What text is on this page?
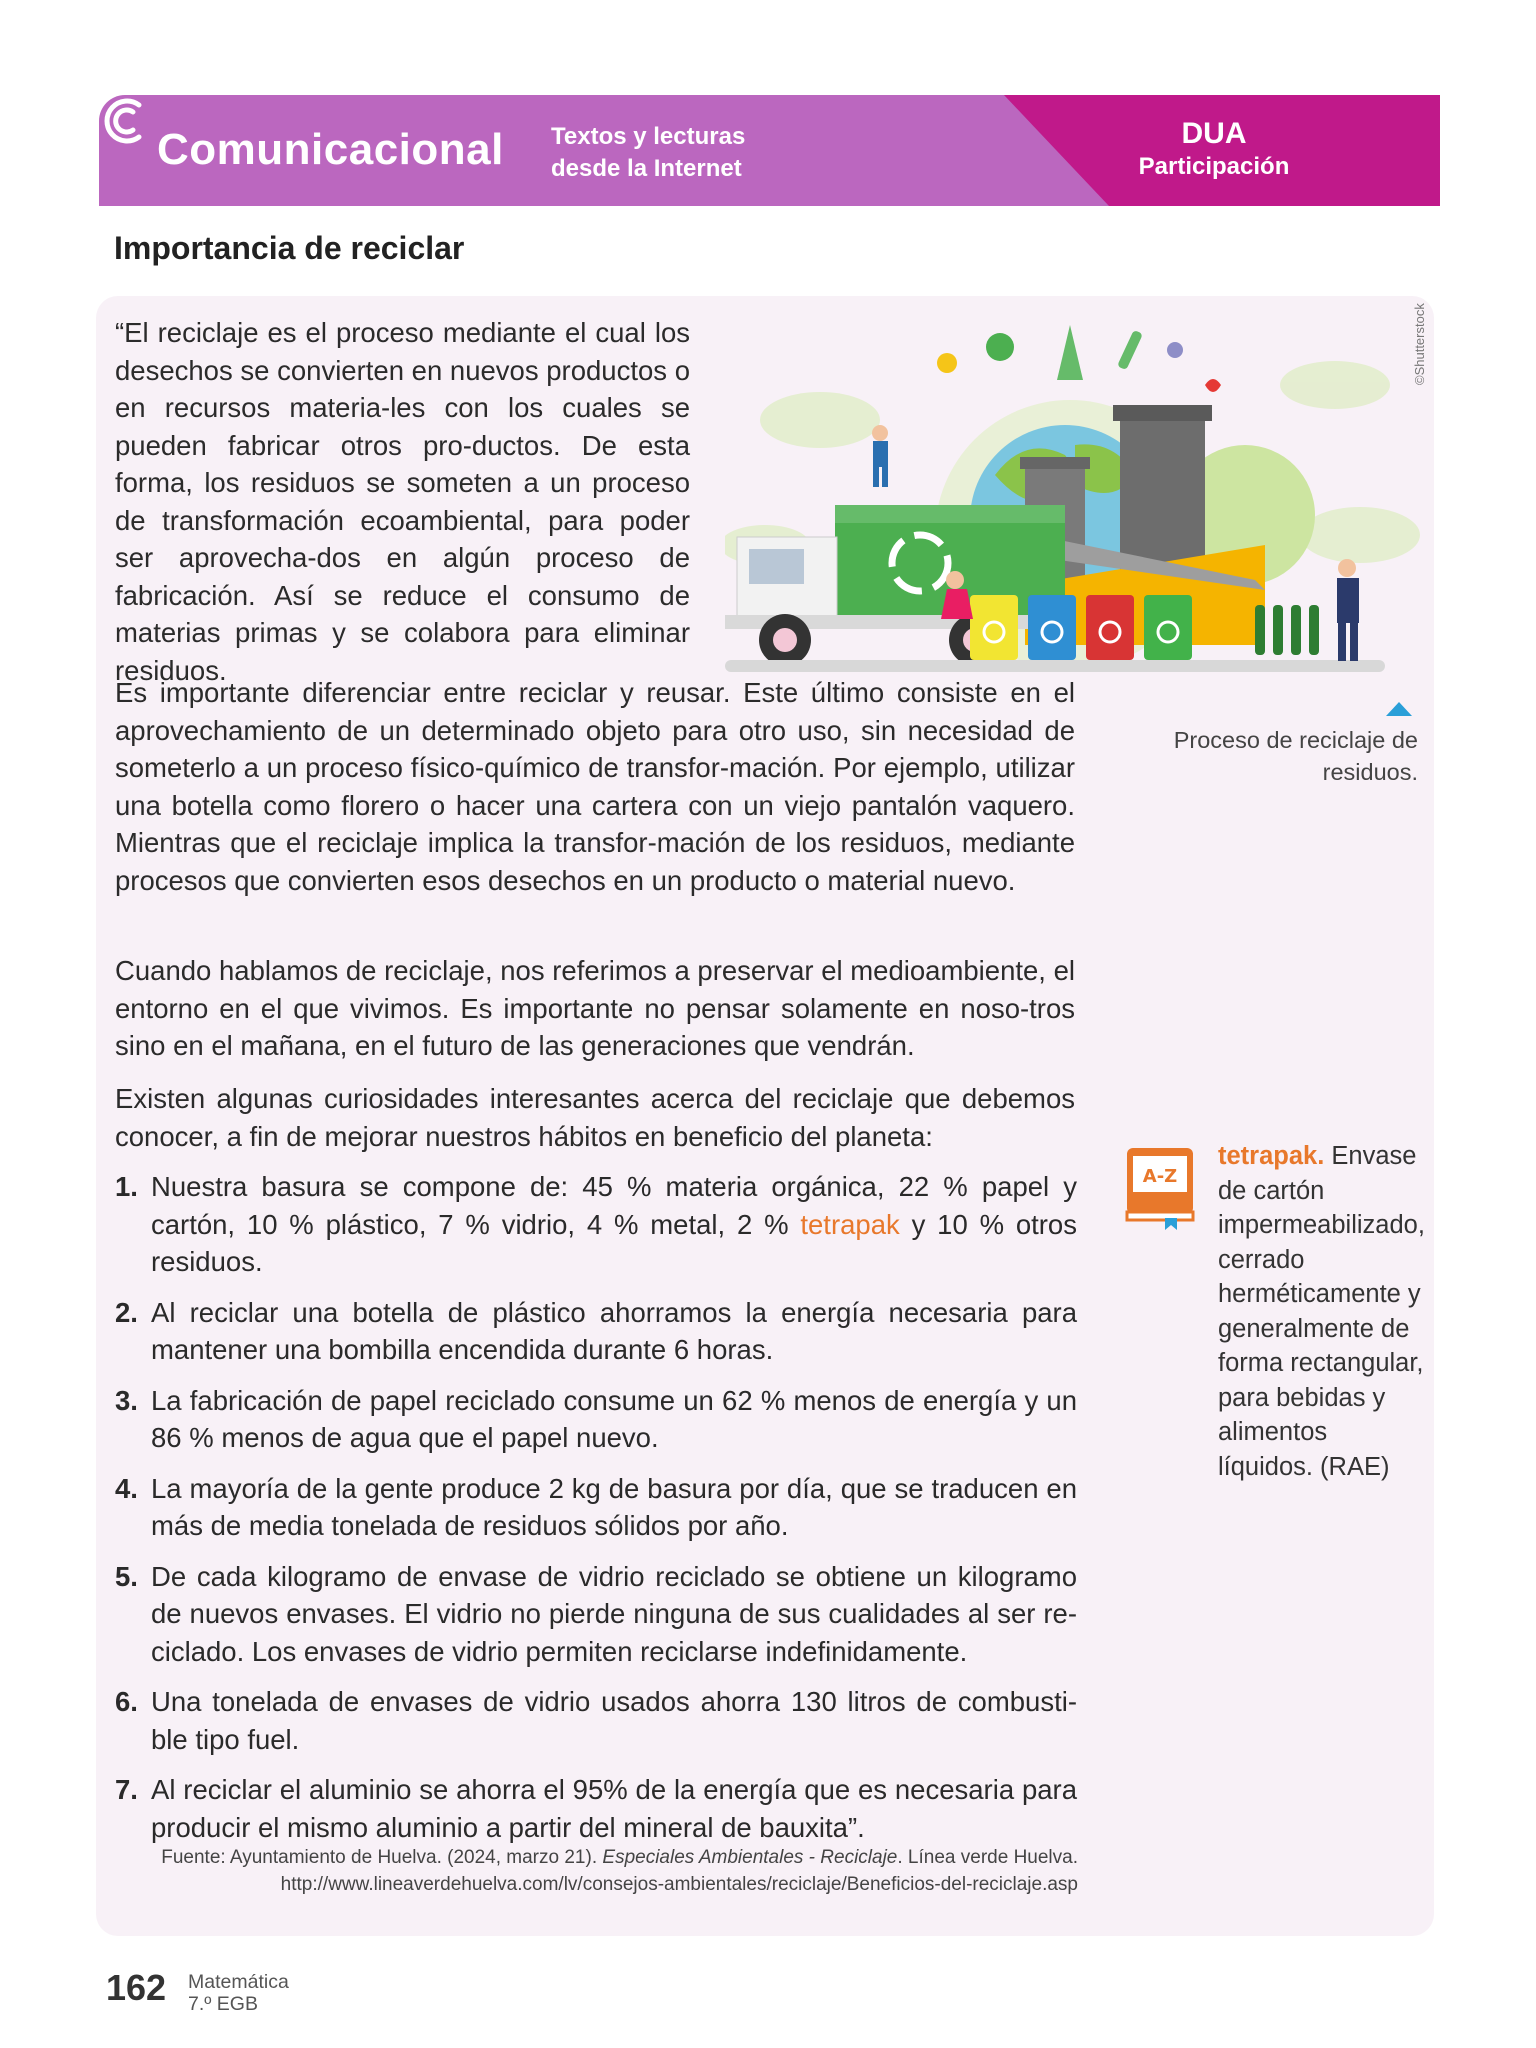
Comunicacional Textos y lecturas
desde la Internet
DUA
Participación
Importancia de reciclar
©Shutterstock
Proceso de reciclaje de residuos.
“El reciclaje es el proceso mediante el cual los desechos se convierten en nuevos productos o en recursos materia-les con los cuales se pueden fabricar otros pro-ductos. De esta forma, los residuos se someten a un proceso de transformación ecoambiental, para poder ser aprovecha-dos en algún proceso de fabricación. Así se reduce el consumo de materias primas y se colabora para eliminar residuos.
Es importante diferenciar entre reciclar y reusar. Este último consiste en el aprovechamiento de un determinado objeto para otro uso, sin necesidad de someterlo a un proceso físico-químico de transfor-mación. Por ejemplo, utilizar una botella como florero o hacer una cartera con un viejo pantalón vaquero. Mientras que el reciclaje implica la transfor-mación de los residuos, mediante procesos que convierten esos desechos en un producto o material nuevo.
Cuando hablamos de reciclaje, nos referimos a preservar el medioambiente, el entorno en el que vivimos. Es importante no pensar solamente en noso-tros sino en el mañana, en el futuro de las generaciones que vendrán.
Existen algunas curiosidades interesantes acerca del reciclaje que debemos conocer, a fin de mejorar nuestros hábitos en beneficio del planeta:
1. Nuestra basura se compone de: 45 % materia orgánica, 22 % papel y cartón, 10 % plástico, 7 % vidrio, 4 % metal, 2 % tetrapak y 10 % otros residuos.
2. Al reciclar una botella de plástico ahorramos la energía necesaria para mantener una bombilla encendida durante 6 horas.
3. La fabricación de papel reciclado consume un 62 % menos de energía y un 86 % menos de agua que el papel nuevo.
4. La mayoría de la gente produce 2 kg de basura por día, que se traducen en más de media tonelada de residuos sólidos por año.
5. De cada kilogramo de envase de vidrio reciclado se obtiene un kilogramo de nuevos envases. El vidrio no pierde ninguna de sus cualidades al ser re-ciclado. Los envases de vidrio permiten reciclarse indefinidamente.
6. Una tonelada de envases de vidrio usados ahorra 130 litros de combusti-ble tipo fuel.
7. Al reciclar el aluminio se ahorra el 95% de la energía que es necesaria para producir el mismo aluminio a partir del mineral de bauxita”.
Fuente: Ayuntamiento de Huelva. (2024, marzo 21). Especiales Ambientales - Reciclaje. Línea verde Huelva. http://www.lineaverdehuelva.com/lv/consejos-ambientales/reciclaje/Beneficios-del-reciclaje.asp
A-Z
tetrapak. Envase de cartón impermeabilizado, cerrado herméticamente y generalmente de forma rectangular, para bebidas y alimentos líquidos. (RAE)
162 Matemática
7.º EGB
